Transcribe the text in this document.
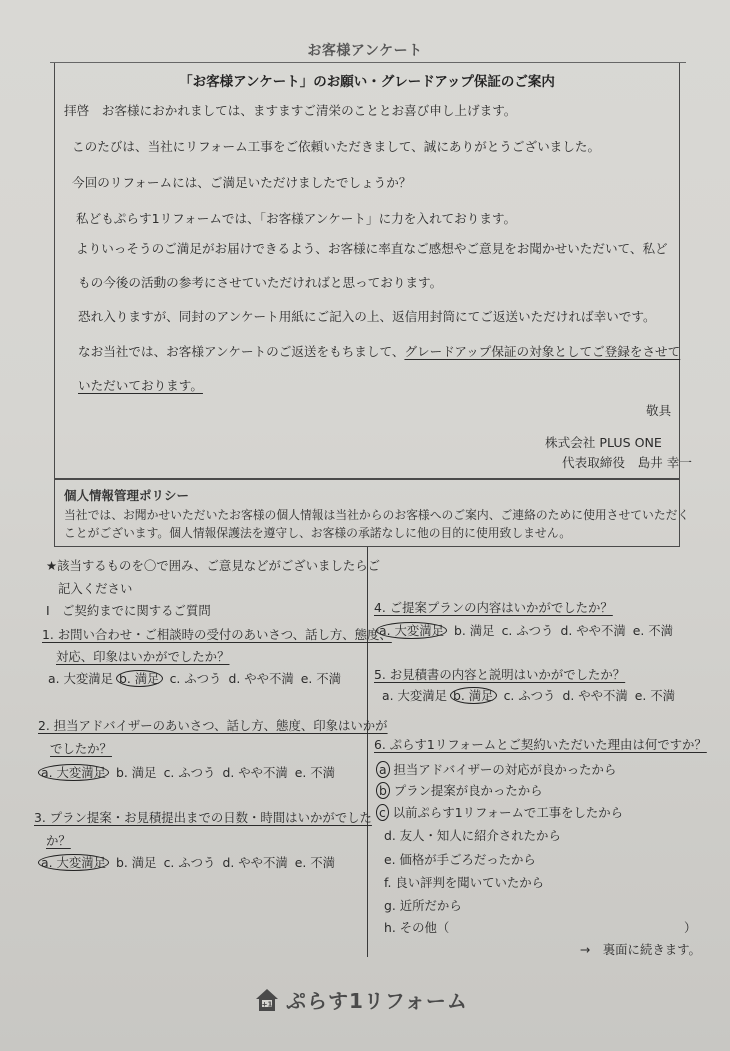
お客様アンケート
「お客様アンケート」のお願い・グレードアップ保証のご案内
拝啓　お客様におかれましては、ますますご清栄のこととお喜び申し上げます。
このたびは、当社にリフォーム工事をご依頼いただきまして、誠にありがとうございました。
今回のリフォームには、ご満足いただけましたでしょうか？
私どもぷらす1リフォームでは、「お客様アンケート」に力を入れております。
よりいっそうのご満足がお届けできるよう、お客様に率直なご感想やご意見をお聞かせいただいて、私ど
もの今後の活動の参考にさせていただければと思っております。
恐れ入りますが、同封のアンケート用紙にご記入の上、返信用封筒にてご返送いただければ幸いです。
なお当社では、お客様アンケートのご返送をもちまして、グレードアップ保証の対象としてご登録をさせて
いただいております。
敬具
株式会社 PLUS ONE
代表取締役　島井 幸一
個人情報管理ポリシー
当社では、お聞かせいただいたお客様の個人情報は当社からのお客様へのご案内、ご連絡のために使用させていただく
ことがございます。個人情報保護法を遵守し、お客様の承諾なしに他の目的に使用致しません。
★該当するものを〇で囲み、ご意見などがございましたらご
記入ください
Ⅰ　ご契約までに関するご質問
1. お問い合わせ・ご相談時の受付のあいさつ、話し方、態度、
対応、印象はいかがでしたか？
a. 大変満足 b. 満足 c. ふつう d. やや不満 e. 不満
2. 担当アドバイザーのあいさつ、話し方、態度、印象はいかが
でしたか？
a. 大変満足 b. 満足 c. ふつう d. やや不満 e. 不満
3. プラン提案・お見積提出までの日数・時間はいかがでした
か？
a. 大変満足 b. 満足 c. ふつう d. やや不満 e. 不満
4. ご提案プランの内容はいかがでしたか？
a. 大変満足 b. 満足 c. ふつう d. やや不満 e. 不満
5. お見積書の内容と説明はいかがでしたか？
a. 大変満足 b. 満足 c. ふつう d. やや不満 e. 不満
6. ぷらす1リフォームとご契約いただいた理由は何ですか？
a 担当アドバイザーの対応が良かったから
b プラン提案が良かったから
c 以前ぷらす1リフォームで工事をしたから
d. 友人・知人に紹介されたから
e. 価格が手ごろだったから
f. 良い評判を聞いていたから
g. 近所だから
h. その他（	）
→　裏面に続きます。
+1 ぷらす1リフォーム
